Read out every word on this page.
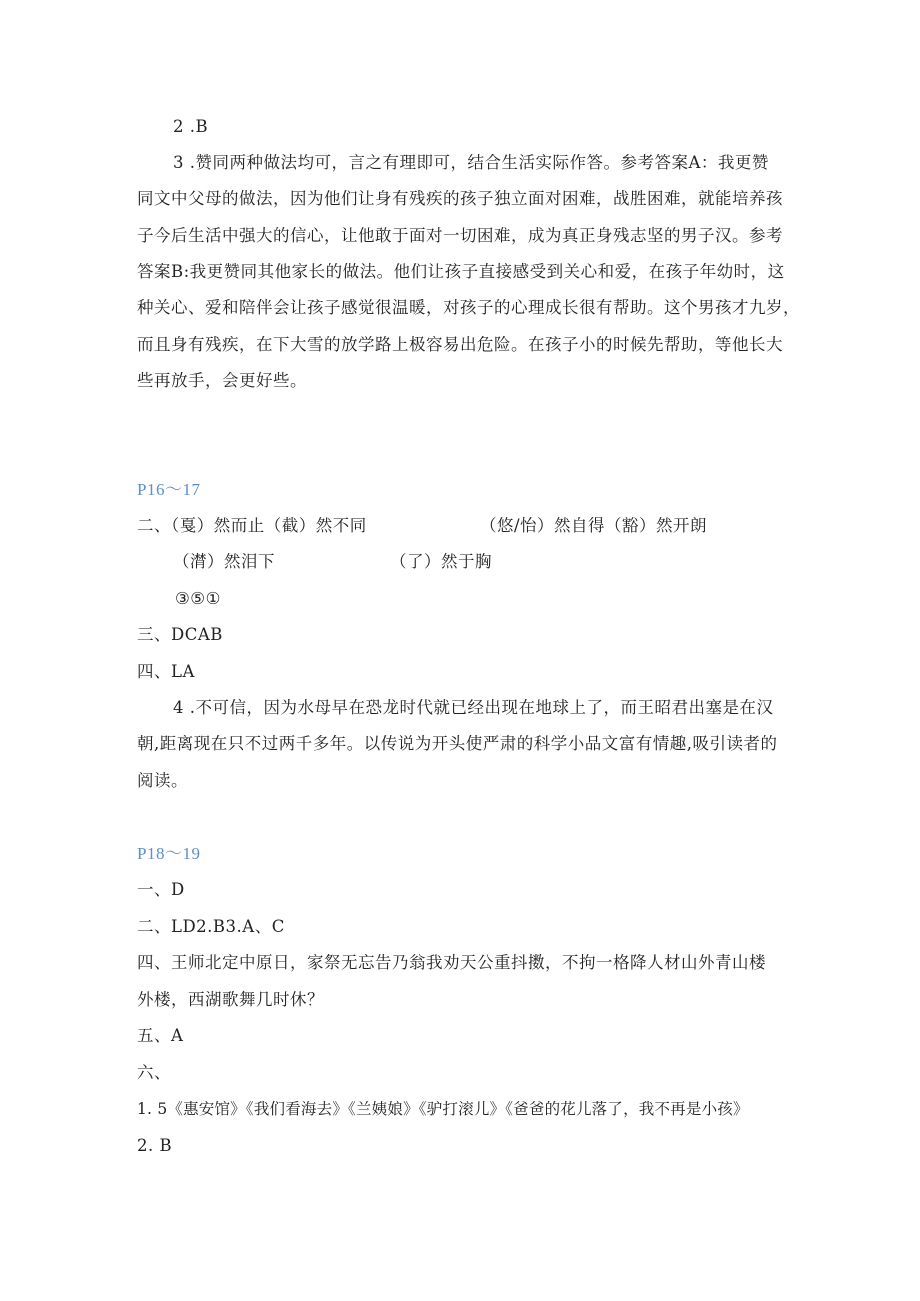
2 .B
3 .赞同两种做法均可，言之有理即可，结合生活实际作答。参考答案A：我更赞
同文中父母的做法，因为他们让身有残疾的孩子独立面对困难，战胜困难，就能培养孩
子今后生活中强大的信心，让他敢于面对一切困难，成为真正身残志坚的男子汉。参考
答案B:我更赞同其他家长的做法。他们让孩子直接感受到关心和爱，在孩子年幼时，这
种关心、爱和陪伴会让孩子感觉很温暖，对孩子的心理成长很有帮助。这个男孩才九岁，
而且身有残疾，在下大雪的放学路上极容易出危险。在孩子小的时候先帮助，等他长大
些再放手，会更好些。
P16～17
二、（戛）然而止（截）然不同	（悠/怡）然自得（豁）然开朗
（潸）然泪下	（了）然于胸
③⑤①
三、DCAB
四、LA
4 .不可信，因为水母早在恐龙时代就已经出现在地球上了，而王昭君出塞是在汉
朝,距离现在只不过两千多年。以传说为开头使严肃的科学小品文富有情趣,吸引读者的
阅读。
P18～19
一、D
二、LD2.B3.A、C
四、王师北定中原日，家祭无忘告乃翁我劝天公重抖擞，不拘一格降人材山外青山楼
外楼，西湖歌舞几时休？
五、A
六、
1. 5《惠安馆》《我们看海去》《兰姨娘》《驴打滚儿》《爸爸的花儿落了，我不再是小孩》
2. B
